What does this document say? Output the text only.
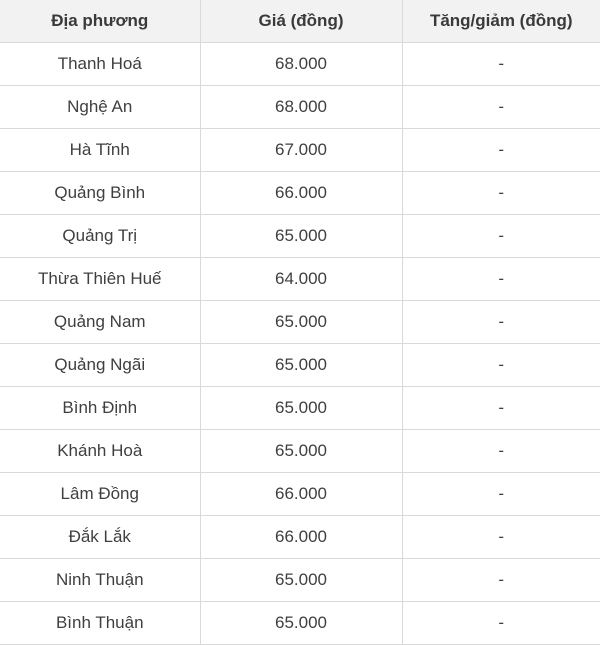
Địa phương	Giá (đồng)	Tăng/giảm (đồng)
Thanh Hoá	68.000	-
Nghệ An	68.000	-
Hà Tĩnh	67.000	-
Quảng Bình	66.000	-
Quảng Trị	65.000	-
Thừa Thiên Huế	64.000	-
Quảng Nam	65.000	-
Quảng Ngãi	65.000	-
Bình Định	65.000	-
Khánh Hoà	65.000	-
Lâm Đồng	66.000	-
Đắk Lắk	66.000	-
Ninh Thuận	65.000	-
Bình Thuận	65.000	-
